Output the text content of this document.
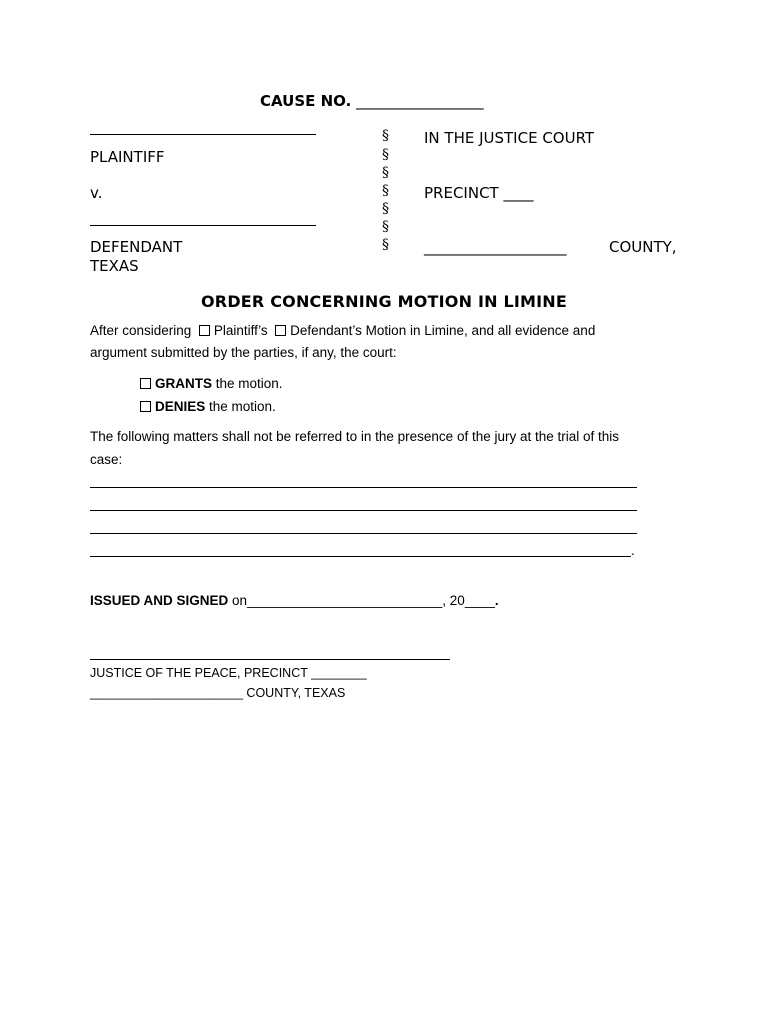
CAUSE NO. _________________
PLAINTIFF
v.
DEFENDANT
TEXAS
§
§
§
§
§
§
§
IN THE JUSTICE COURT
PRECINCT ____
___________________	COUNTY,
ORDER CONCERNING MOTION IN LIMINE
After considering Plaintiff’s Defendant’s Motion in Limine, and all evidence and
argument submitted by the parties, if any, the court:
GRANTS the motion.
DENIES the motion.
The following matters shall not be referred to in the presence of the jury at the trial of this
case:
.
ISSUED AND SIGNED on__________________________, 20____.
JUSTICE OF THE PEACE, PRECINCT ________
______________________ COUNTY, TEXAS
